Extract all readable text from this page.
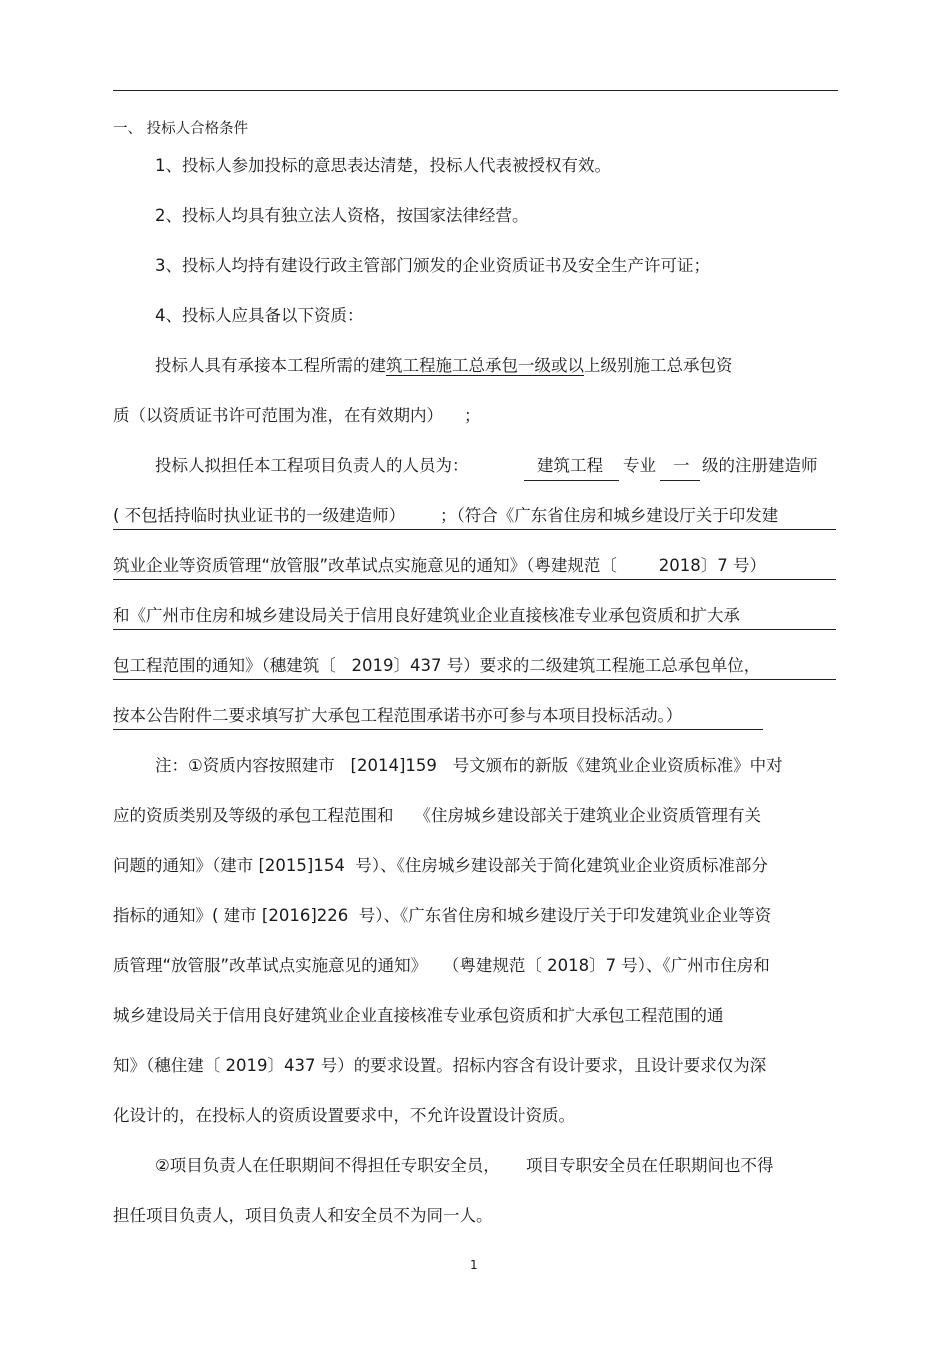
一、 投标人合格条件
1、投标人参加投标的意思表达清楚，投标人代表被授权有效。
2、投标人均具有独立法人资格，按国家法律经营。
3、投标人均持有建设行政主管部门颁发的企业资质证书及安全生产许可证；
4、投标人应具备以下资质：
投标人具有承接本工程所需的建筑工程施工总承包一级或以上级别施工总承包资
质（以资质证书许可范围为准，在有效期内）    ；
投标人拟担任本工程项目负责人的人员为：	建筑工程 专业 一 级的注册建造师
( 不包括持临时执业证书的一级建造师） ；（符合《广东省住房和城乡建设厅关于印发建
筑业企业等资质管理“放管服”改革试点实施意见的通知》（粤建规范〔        2018〕7 号）
和《广州市住房和城乡建设局关于信用良好建筑业企业直接核准专业承包资质和扩大承
包工程范围的通知》（穗建筑〔   2019〕437 号）要求的二级建筑工程施工总承包单位，
按本公告附件二要求填写扩大承包工程范围承诺书亦可参与本项目投标活动。）
注：①资质内容按照建市   [2014]159   号文颁布的新版《建筑业企业资质标准》中对
应的资质类别及等级的承包工程范围和    《住房城乡建设部关于建筑业企业资质管理有关
问题的通知》（建市 [2015]154  号）、《住房城乡建设部关于简化建筑业企业资质标准部分
指标的通知》( 建市 [2016]226  号）、《广东省住房和城乡建设厅关于印发建筑业企业等资
质管理“放管服”改革试点实施意见的通知》   （粤建规范〔 2018〕7 号）、《广州市住房和
城乡建设局关于信用良好建筑业企业直接核准专业承包资质和扩大承包工程范围的通
知》（穗住建〔 2019〕437 号）的要求设置。招标内容含有设计要求，且设计要求仅为深
化设计的，在投标人的资质设置要求中，不允许设置设计资质。
②项目负责人在任职期间不得担任专职安全员，     项目专职安全员在任职期间也不得
担任项目负责人，项目负责人和安全员不为同一人。
1
